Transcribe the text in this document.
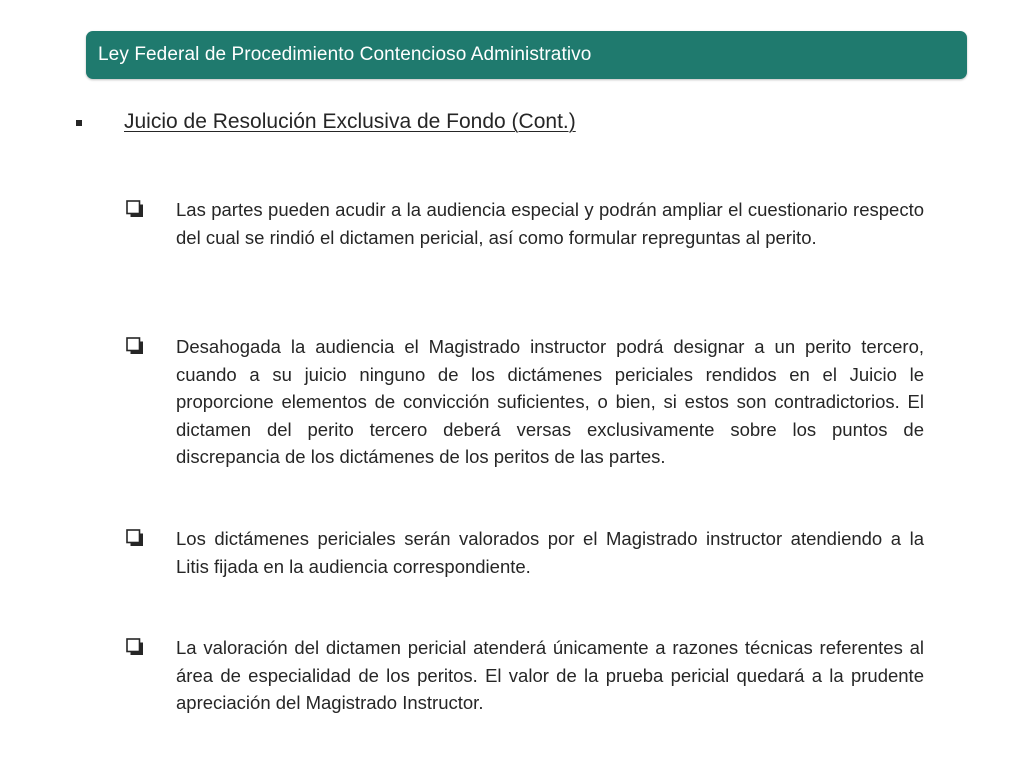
Ley Federal de Procedimiento Contencioso Administrativo
Juicio de Resolución Exclusiva de Fondo (Cont.)
Las partes pueden acudir a la audiencia especial y podrán ampliar el cuestionario respecto del cual se rindió el dictamen pericial, así como formular repreguntas al perito.
Desahogada la audiencia el Magistrado instructor podrá designar a un perito tercero, cuando a su juicio ninguno de los dictámenes periciales rendidos en el Juicio le proporcione elementos de convicción suficientes, o bien, si estos son contradictorios. El dictamen del perito tercero deberá versas exclusivamente sobre los puntos de discrepancia de los dictámenes de los peritos de las partes.
Los dictámenes periciales serán valorados por el Magistrado instructor atendiendo a la Litis fijada en la audiencia correspondiente.
La valoración del dictamen pericial atenderá únicamente a razones técnicas referentes al área de especialidad de los peritos. El valor de la prueba pericial quedará a la prudente apreciación del Magistrado Instructor.
